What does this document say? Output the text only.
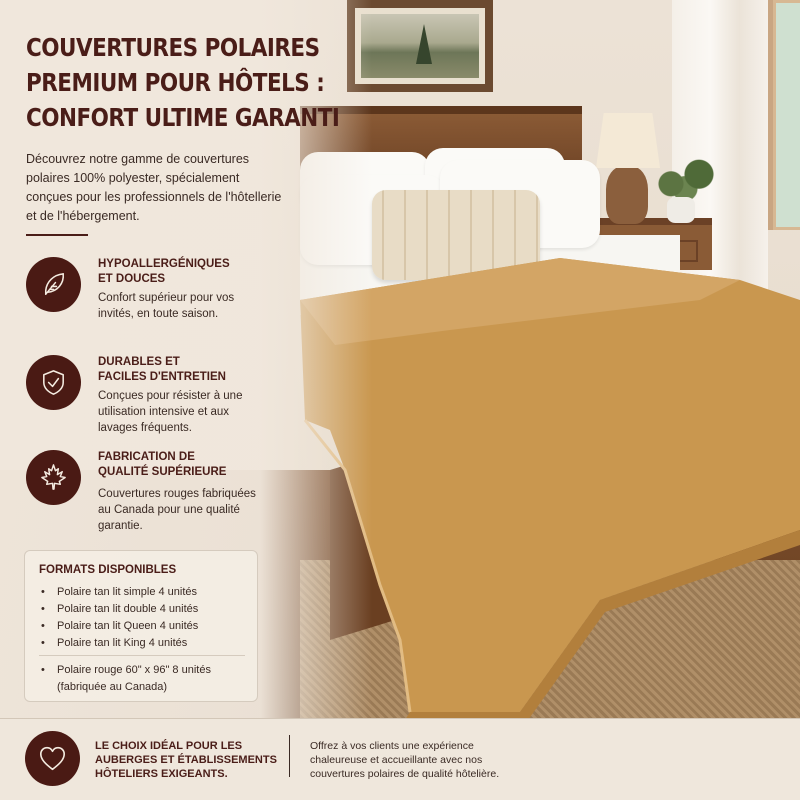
COUVERTURES POLAIRES
PREMIUM POUR HÔTELS :
CONFORT ULTIME GARANTI

Découvrez notre gamme de couvertures polaires 100% polyester, spécialement conçues pour les professionnels de l'hôtellerie et de l'hébergement.

HYPOALLERGÉNIQUES
ET DOUCES
Confort supérieur pour vos invités, en toute saison.
DURABLES ET
FACILES D'ENTRETIEN
Conçues pour résister à une utilisation intensive et aux lavages fréquents.
FABRICATION DE
QUALITÉ SUPÉRIEURE
Couvertures rouges fabriquées au Canada pour une qualité garantie.
FORMATS DISPONIBLES
• Polaire tan lit simple 4 unités
• Polaire tan lit double 4 unités
• Polaire tan lit Queen 4 unités
• Polaire tan lit King 4 unités
• Polaire rouge 60" x 96" 8 unités (fabriquée au Canada)
LE CHOIX IDÉAL POUR LES
AUBERGES ET ÉTABLISSEMENTS
HÔTELIERS EXIGEANTS.
Offrez à vos clients une expérience
chaleureuse et accueillante avec nos
couvertures polaires de qualité hôtelière.
